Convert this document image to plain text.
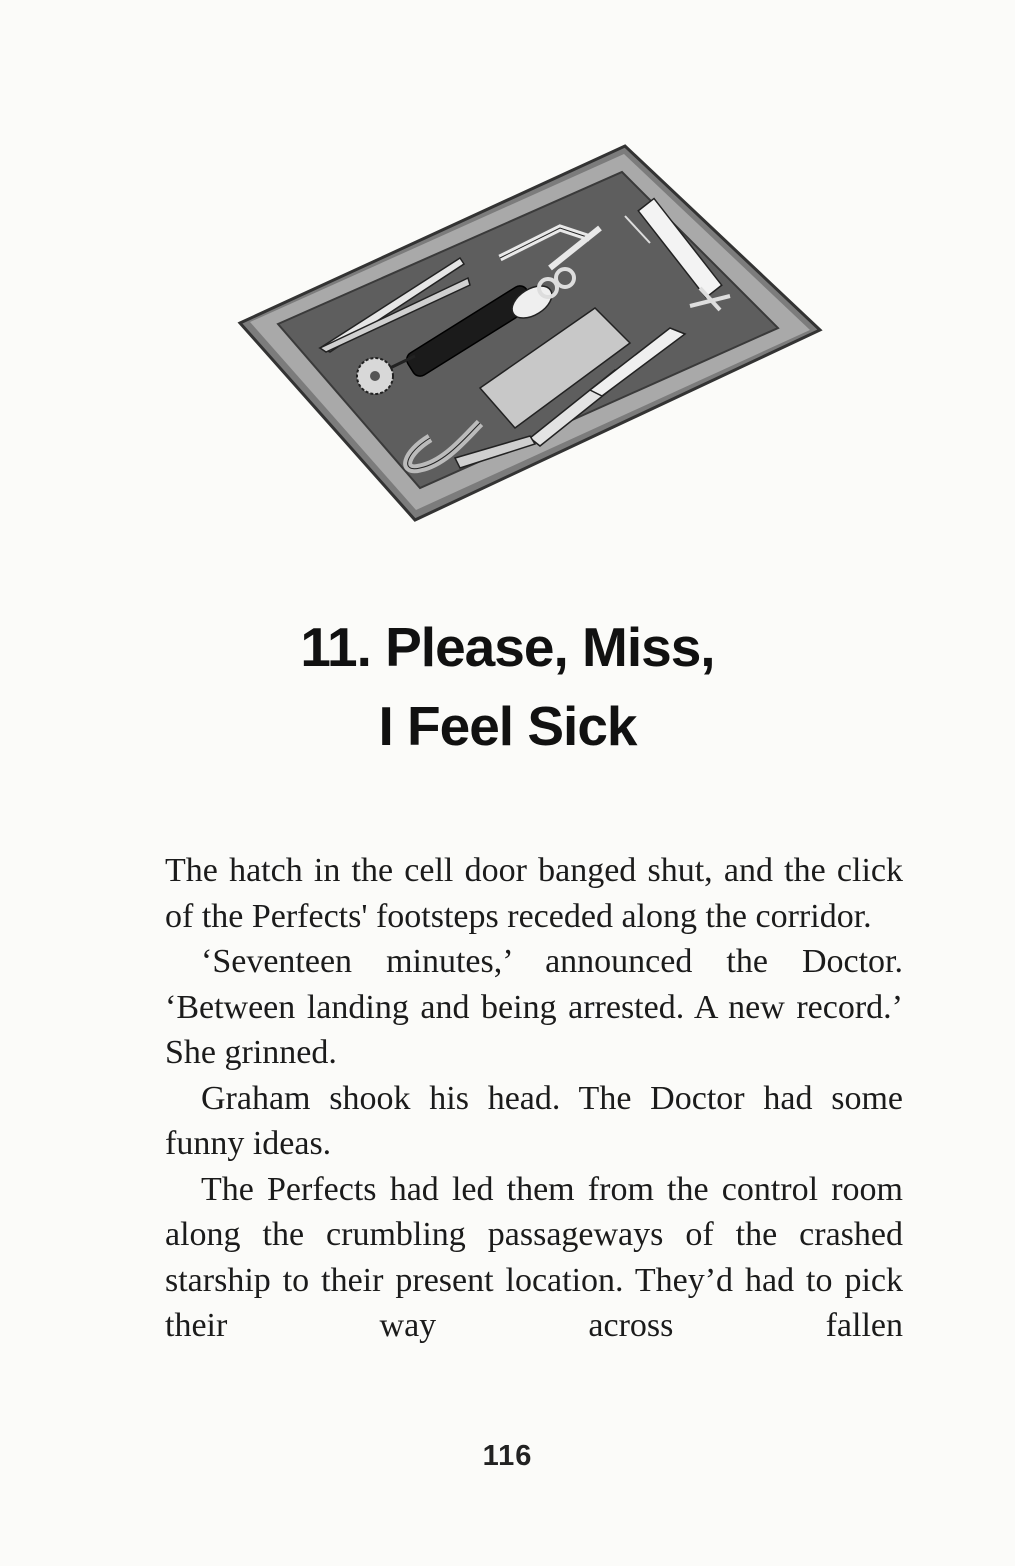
11. Please, Miss,
I Feel Sick

The hatch in the cell door banged shut, and the click of the Perfects' footsteps receded along the corridor.

‘Seventeen minutes,’ announced the Doctor. ‘Between landing and being arrested. A new record.’ She grinned.

Graham shook his head. The Doctor had some funny ideas.

The Perfects had led them from the control room along the crumbling passageways of the crashed starship to their present location. They’d had to pick their way across fallen

116
